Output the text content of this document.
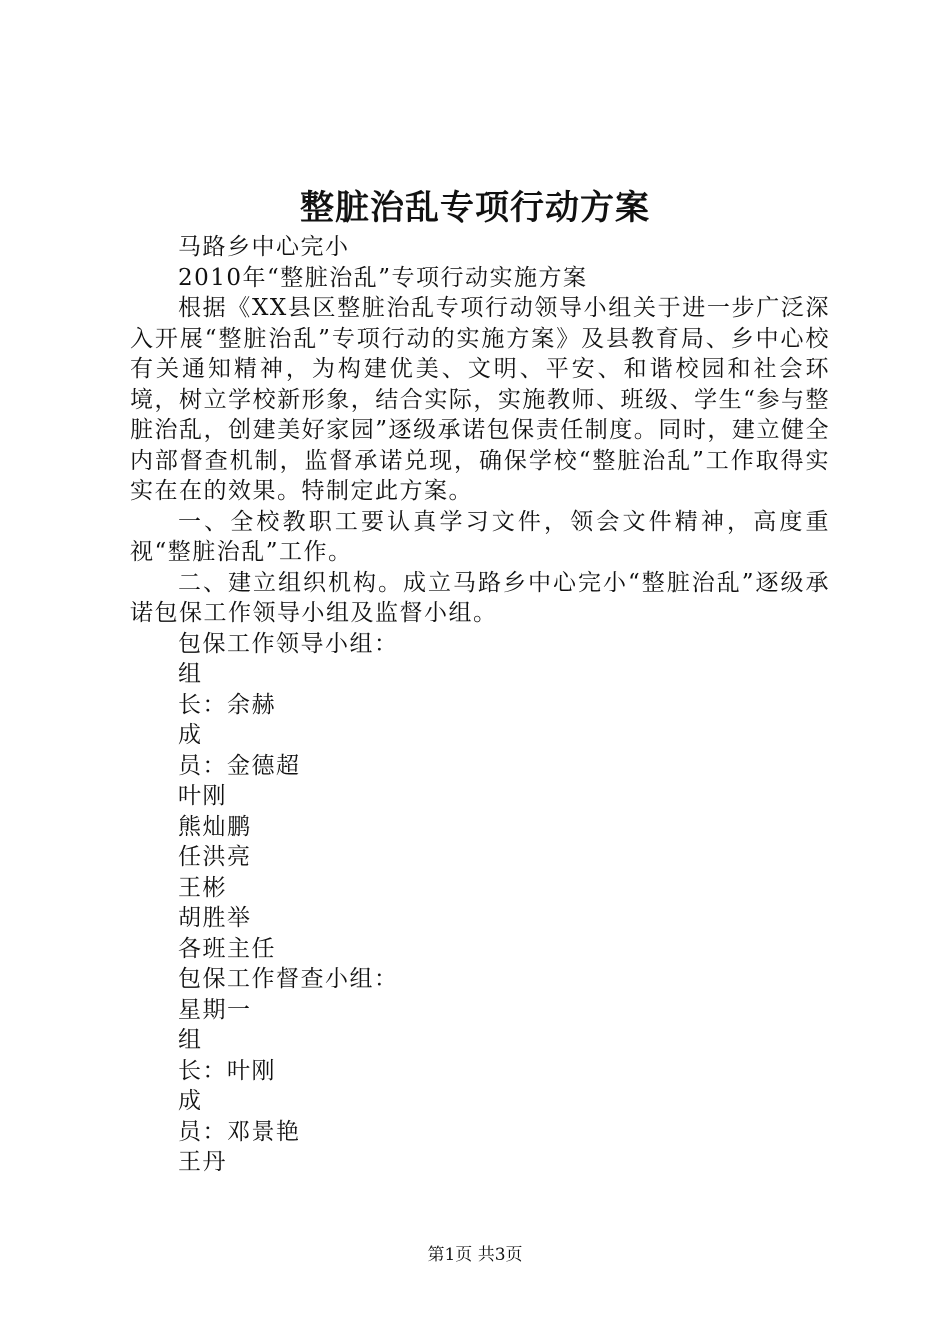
整脏治乱专项行动方案

马路乡中心完小

2010年“整脏治乱”专项行动实施方案

根据《XX县区整脏治乱专项行动领导小组关于进一步广泛深入开展“整脏治乱”专项行动的实施方案》及县教育局、乡中心校有关通知精神，为构建优美、文明、平安、和谐校园和社会环境，树立学校新形象，结合实际，实施教师、班级、学生“参与整脏治乱，创建美好家园”逐级承诺包保责任制度。同时，建立健全内部督查机制，监督承诺兑现，确保学校“整脏治乱”工作取得实实在在的效果。特制定此方案。

一、全校教职工要认真学习文件，领会文件精神，高度重视“整脏治乱”工作。

二、建立组织机构。成立马路乡中心完小“整脏治乱”逐级承诺包保工作领导小组及监督小组。

包保工作领导小组：

组

长：余赫

成

员：金德超

叶刚

熊灿鹏

任洪亮

王彬

胡胜举

各班主任

包保工作督查小组：

星期一

组

长：叶刚

成

员：邓景艳

王丹

第1页 共3页
